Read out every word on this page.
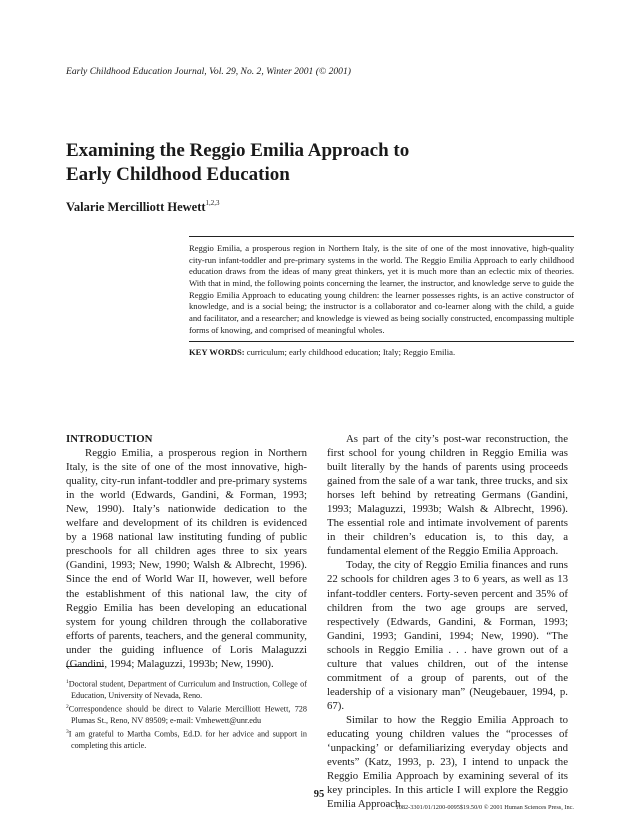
Early Childhood Education Journal, Vol. 29, No. 2, Winter 2001 (© 2001)
Examining the Reggio Emilia Approach to
Early Childhood Education
Valarie Mercilliott Hewett$^{1,2,3}$

Reggio Emilia, a prosperous region in Northern Italy, is the site of one of the most innovative, high-quality city-run infant-toddler and pre-primary systems in the world. The Reggio Emilia Approach to early childhood education draws from the ideas of many great thinkers, yet it is much more than an eclectic mix of theories. With that in mind, the following points concerning the learner, the instructor, and knowledge serve to guide the Reggio Emilia Approach to educating young children: the learner possesses rights, is an active constructor of knowledge, and is a social being; the instructor is a collaborator and co-learner along with the child, a guide and facilitator, and a researcher; and knowledge is viewed as being socially constructed, encompassing multiple forms of knowing, and comprised of meaningful wholes.

KEY WORDS: curriculum; early childhood education; Italy; Reggio Emilia.

INTRODUCTION

Reggio Emilia, a prosperous region in Northern Italy, is the site of one of the most innovative, high-quality, city-run infant-toddler and pre-primary systems in the world (Edwards, Gandini, & Forman, 1993; New, 1990). Italy’s nationwide dedication to the welfare and development of its children is evidenced by a 1968 national law instituting funding of public preschools for all children ages three to six years (Gandini, 1993; New, 1990; Walsh & Albrecht, 1996). Since the end of World War II, however, well before the establishment of this national law, the city of Reggio Emilia has been developing an educational system for young children through the collaborative efforts of parents, teachers, and the general community, under the guiding influence of Loris Malaguzzi (Gandini, 1994; Malaguzzi, 1993b; New, 1990).

As part of the city’s post-war reconstruction, the first school for young children in Reggio Emilia was built literally by the hands of parents using proceeds gained from the sale of a war tank, three trucks, and six horses left behind by retreating Germans (Gandini, 1993; Malaguzzi, 1993b; Walsh & Albrecht, 1996). The essential role and intimate involvement of parents in their children’s education is, to this day, a fundamental element of the Reggio Emilia Approach.

Today, the city of Reggio Emilia finances and runs 22 schools for children ages 3 to 6 years, as well as 13 infant-toddler centers. Forty-seven percent and 35% of children from the two age groups are served, respectively (Edwards, Gandini, & Forman, 1993; Gandini, 1993; Gandini, 1994; New, 1990). “The schools in Reggio Emilia . . . have grown out of a culture that values children, out of the intense commitment of a group of parents, out of the leadership of a visionary man” (Neugebauer, 1994, p. 67).

Similar to how the Reggio Emilia Approach to educating young children values the “processes of ‘unpacking’ or defamiliarizing everyday objects and events” (Katz, 1993, p. 23), I intend to unpack the Reggio Emilia Approach by examining several of its key principles. In this article I will explore the Reggio Emilia Approach

$^1$Doctoral student, Department of Curriculum and Instruction, College of Education, University of Nevada, Reno.
$^2$Correspondence should be direct to Valarie Mercilliott Hewett, 728 Plumas St., Reno, NV 89509; e-mail: Vmhewett@unr.edu
$^3$I am grateful to Martha Combs, Ed.D. for her advice and support in completing this article.
95
1082-3301/01/1200-0095$19.50/0 © 2001 Human Sciences Press, Inc.
